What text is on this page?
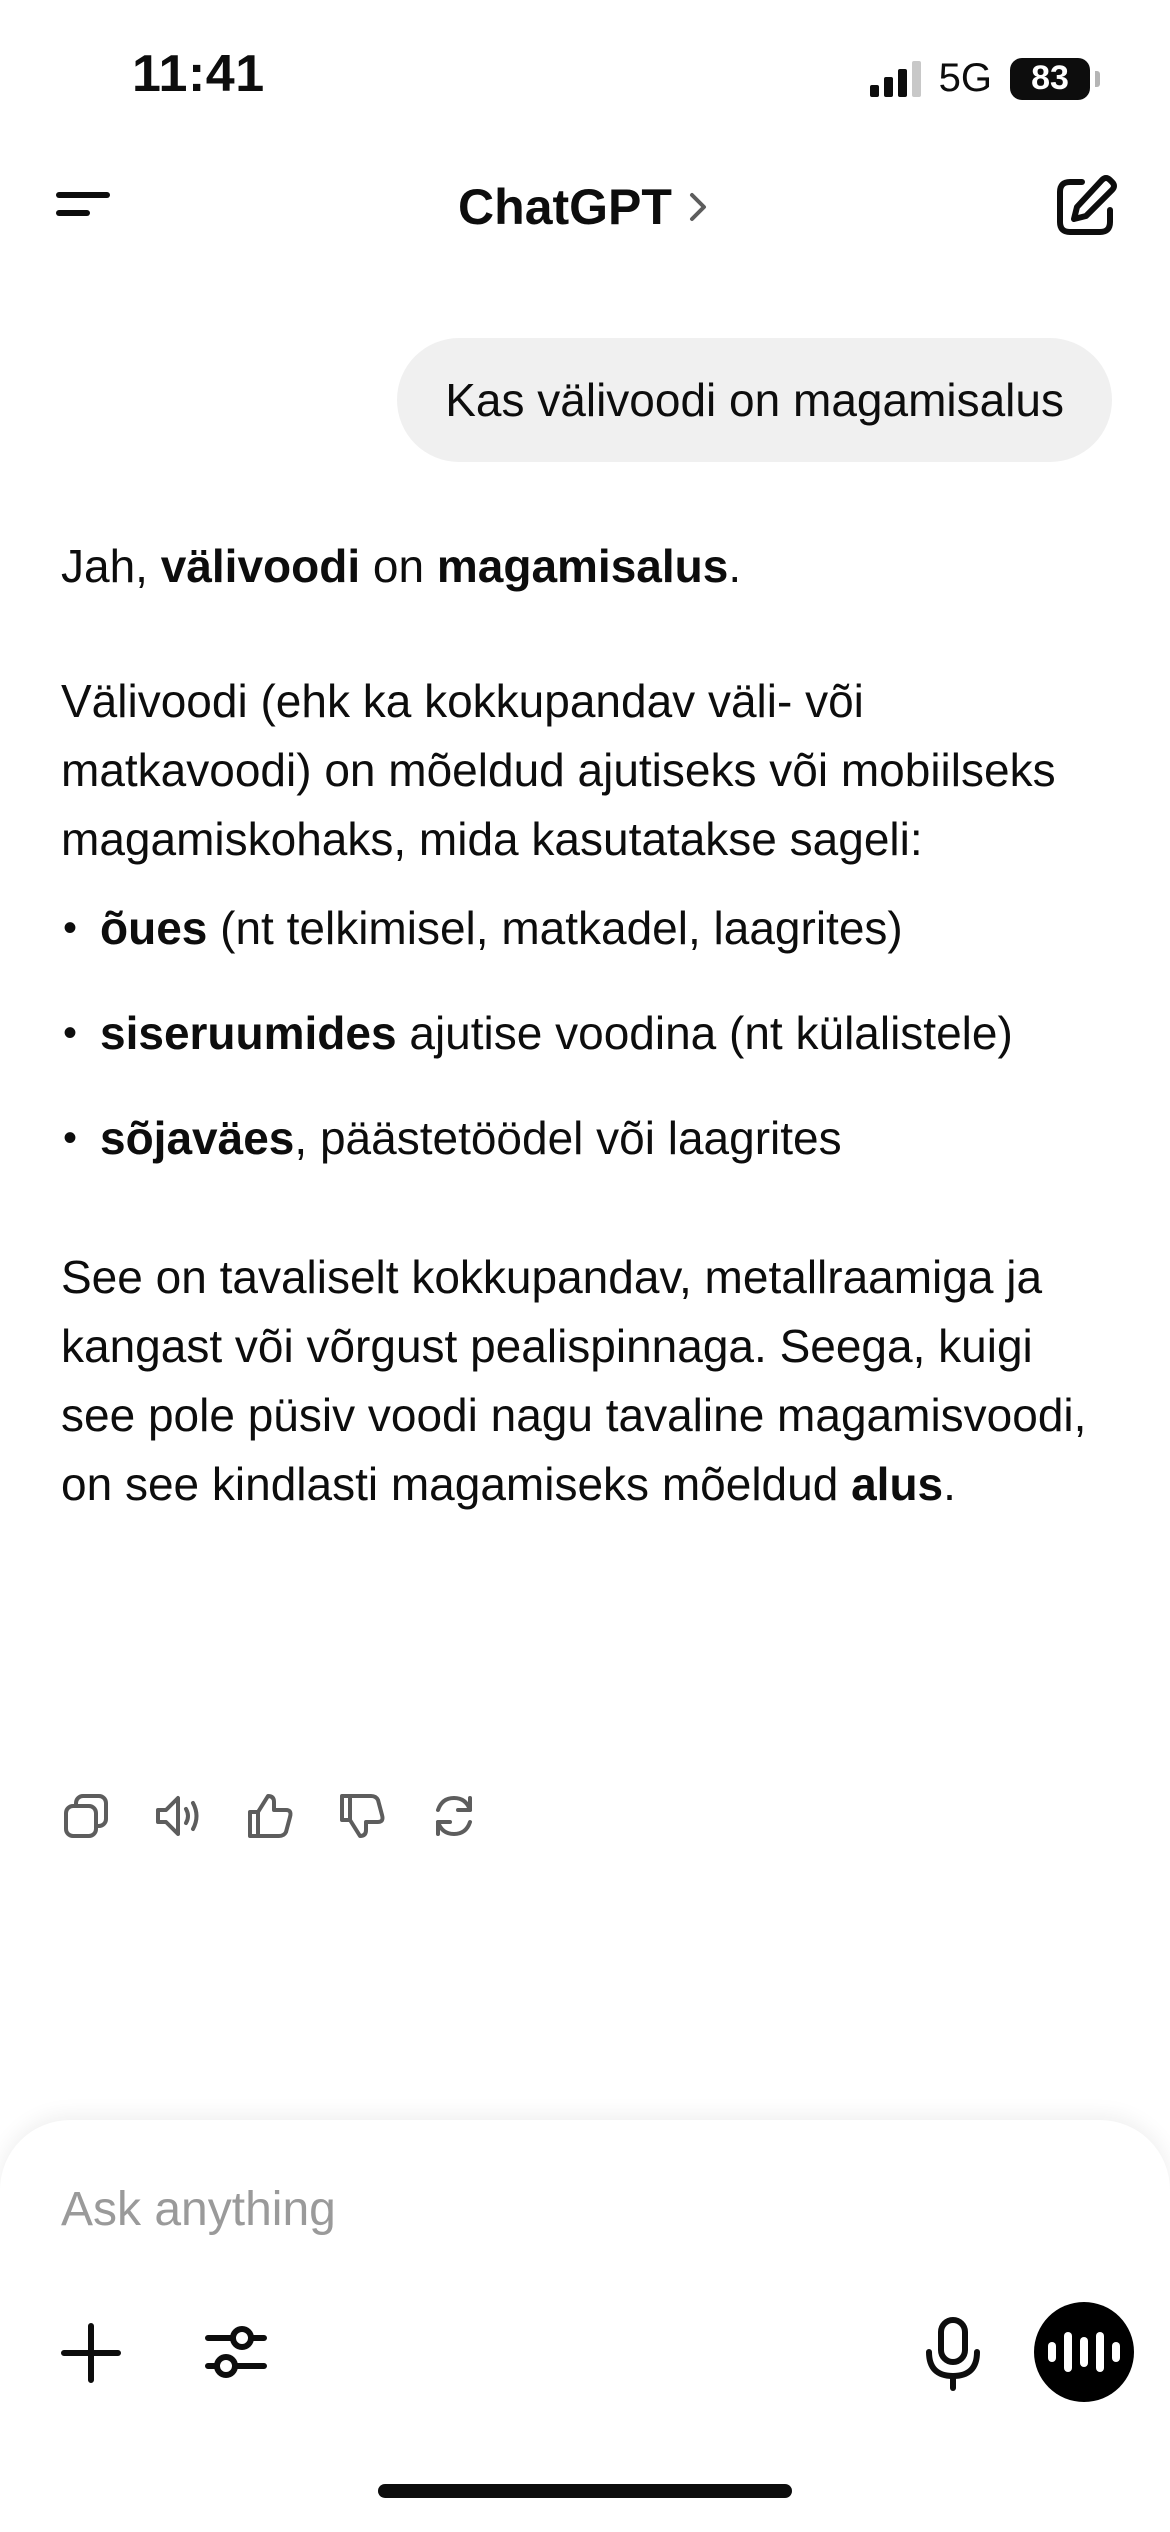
11:41	5G 83
ChatGPT
Kas välivoodi on magamisalus

Jah, välivoodi on magamisalus.

Välivoodi (ehk ka kokkupandav väli- või matkavoodi) on mõeldud ajutiseks või mobiilseks magamiskohaks, mida kasutatakse sageli:

• õues (nt telkimisel, matkadel, laagrites)
• siseruumides ajutise voodina (nt külalistele)
• sõjaväes, päästetöödel või laagrites

See on tavaliselt kokkupandav, metallraamiga ja kangast või võrgust pealispinnaga. Seega, kuigi see pole püsiv voodi nagu tavaline magamisvoodi, on see kindlasti magamiseks mõeldud alus.

Ask anything
